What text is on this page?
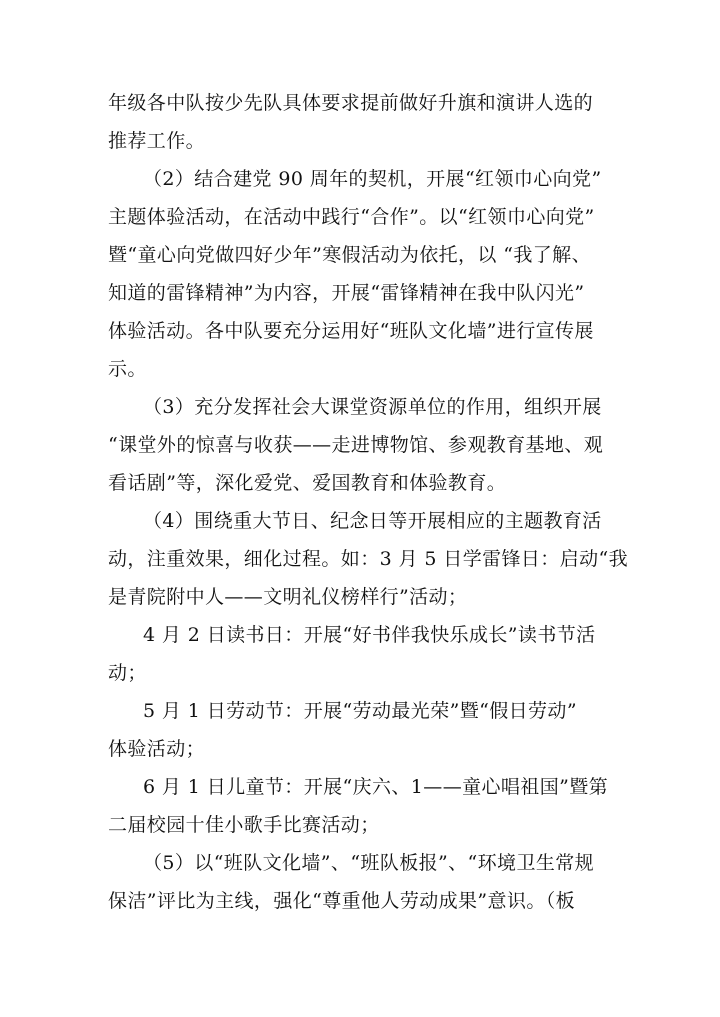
年级各中队按少先队具体要求提前做好升旗和演讲人选的
推荐工作。
（2）结合建党 90 周年的契机，开展“红领巾心向党”
主题体验活动，在活动中践行“合作”。以“红领巾心向党”
暨“童心向党做四好少年”寒假活动为依托，以 “我了解、
知道的雷锋精神”为内容，开展“雷锋精神在我中队闪光”
体验活动。各中队要充分运用好“班队文化墙”进行宣传展
示。
（3）充分发挥社会大课堂资源单位的作用，组织开展
“课堂外的惊喜与收获——走进博物馆、参观教育基地、观
看话剧”等，深化爱党、爱国教育和体验教育。
（4）围绕重大节日、纪念日等开展相应的主题教育活
动，注重效果，细化过程。如：3 月 5 日学雷锋日：启动“我
是青院附中人——文明礼仪榜样行”活动；
4 月 2 日读书日：开展“好书伴我快乐成长”读书节活
动；
5 月 1 日劳动节：开展“劳动最光荣”暨“假日劳动”
体验活动；
6 月 1 日儿童节：开展“庆六、1——童心唱祖国”暨第
二届校园十佳小歌手比赛活动；
（5）以“班队文化墙”、“班队板报”、“环境卫生常规
保洁”评比为主线，强化“尊重他人劳动成果”意识。（板
